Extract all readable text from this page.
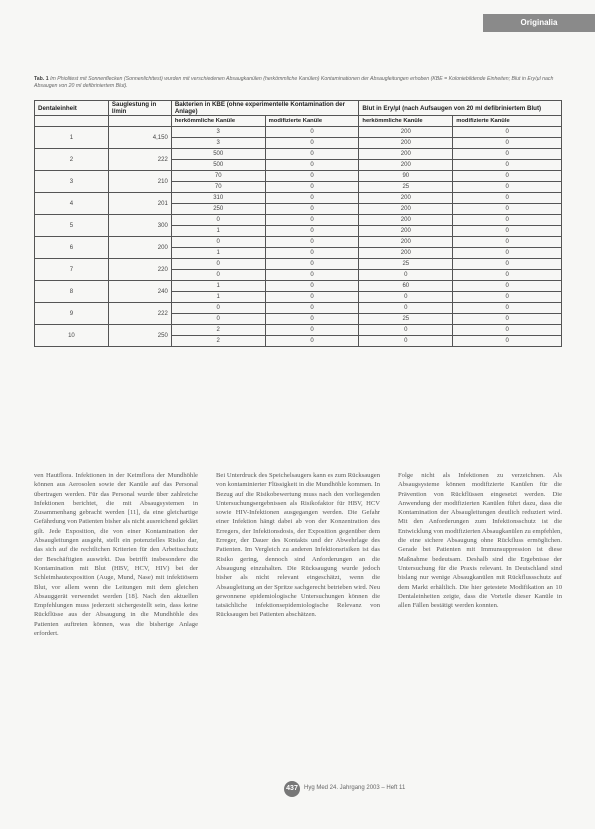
Originalia
Tab. 1 Im Phiolitest mit Sonnenflecken (Sonnenlichttest) wurden mit verschiedenen Absaugkanülen (herkömmliche Kanülen) Kontaminationen der Absaugleitungen erhoben (KBE = Koloniebildende Einheiten; Blut in Ery/µl nach Absaugen von 20 ml defibriniertem Blut).
Dentaleinheit	Sauglestung in l/min	Bakterien in KBE (ohne experimentelle Kontamination der Anlage)		Blut in Ery/µl (nach Aufsaugen von 20 ml defibriniertem Blut)	
		herkömmliche Kanüle	modifizierte Kanüle	herkömmliche Kanüle	modifizierte Kanüle
1	4,150	3	0	200	0
		3	0	200	0
2	222	500	0	200	0
		500	0	200	0
3	210	70	0	90	0
		70	0	25	0
4	201	310	0	200	0
		250	0	200	0
5	300	0	0	200	0
		1	0	200	0
6	200	0	0	200	0
		1	0	200	0
7	220	0	0	25	0
		0	0	0	0
8	240	1	0	60	0
		1	0	0	0
9	222	0	0	0	0
		0	0	25	0
10	250	2	0	0	0
		2	0	0	0

ven Hautflora. Infektionen in der Keimflora der Mundhöhle können aus Aerosolen sowie der Kanüle auf das Personal übertragen werden. Für das Personal wurde über zahlreiche Infektionen berichtet, die mit Absaugsystemen in Zusammenhang gebracht werden [11], da eine gleichartige Gefährdung von Patienten bisher als nicht ausreichend geklärt gilt. Jede Exposition, die von einer Kontamination der Absaugleitungen ausgeht, stellt ein potenzielles Risiko dar, das sich auf die rechtlichen Kriterien für den Arbeitsschutz der Beschäftigten auswirkt. Das betrifft insbesondere die Kontamination mit Blut (HBV, HCV, HIV) bei der Schleimhautexposition (Auge, Mund, Nase) mit infektiösem Blut, vor allem wenn die Leitungen mit dem gleichen Absauggerät verwendet werden [18]. Nach den aktuellen Empfehlungen muss jederzeit sichergestellt sein, dass keine Rückflüsse aus der Absaugung in die Mundhöhle des Patienten auftreten können, was die bisherige Anlage erfordert.

Bei Unterdruck des Speichelsaugers kann es zum Rücksaugen von kontaminierter Flüssigkeit in die Mundhöhle kommen. In Bezug auf die Risikobewertung muss nach den vorliegenden Untersuchungsergebnissen als Risikofaktor für HBV, HCV sowie HIV-Infektionen ausgegangen werden. Die Gefahr einer Infektion hängt dabei ab von der Konzentration des Erregers, der Infektionsdosis, der Exposition gegenüber dem Erreger, der Dauer des Kontakts und der Abwehrlage des Patienten. Im Vergleich zu anderen Infektionsrisiken ist das Risiko gering, dennoch sind Anforderungen an die Absaugung einzuhalten. Die Rücksaugung wurde jedoch bisher als nicht relevant eingeschätzt, wenn die Absaugleitung an der Spritze sachgerecht betrieben wird. Neu gewonnene epidemiologische Untersuchungen können die tatsächliche infektionsepidemiologische Relevanz von Rücksaugen bei Patienten abschätzen.

Folge nicht als Infektionen zu verzeichnen. Als Absaugsysteme können modifizierte Kanülen für die Prävention von Rückflüssen eingesetzt werden. Die Anwendung der modifizierten Kanülen führt dazu, dass die Kontamination der Absaugleitungen deutlich reduziert wird. Mit den Anforderungen zum Infektionsschutz ist die Entwicklung von modifizierten Absaugkanülen zu empfehlen, die eine sichere Absaugung ohne Rückfluss ermöglichen. Gerade bei Patienten mit Immunsuppression ist diese Maßnahme bedeutsam. Deshalb sind die Ergebnisse der Untersuchung für die Praxis relevant. In Deutschland sind bislang nur wenige Absaugkanülen mit Rückflussschutz auf dem Markt erhältlich. Die hier getestete Modifikation an 10 Dentaleinheiten zeigte, dass die Vorteile dieser Kanüle in allen Fällen bestätigt werden konnten.

437	Hyg Med 24. Jahrgang 2003 – Heft 11
